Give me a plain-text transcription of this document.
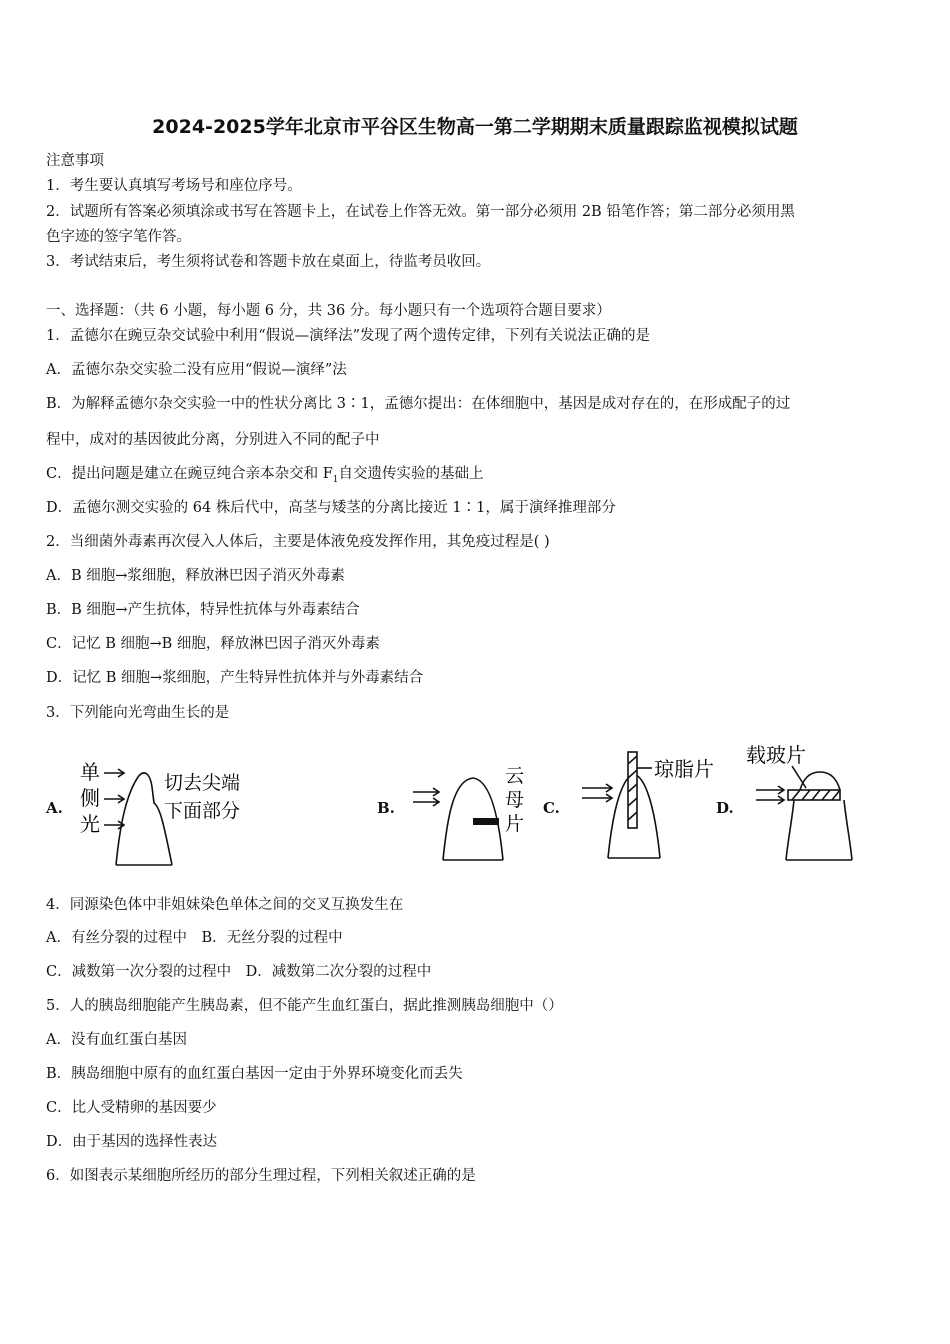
2024-2025学年北京市平谷区生物高一第二学期期末质量跟踪监视模拟试题
注意事项
1．考生要认真填写考场号和座位序号。
2．试题所有答案必须填涂或书写在答题卡上，在试卷上作答无效。第一部分必须用 2B 铅笔作答；第二部分必须用黑
色字迹的签字笔作答。
3．考试结束后，考生须将试卷和答题卡放在桌面上，待监考员收回。
一、选择题：（共 6 小题，每小题 6 分，共 36 分。每小题只有一个选项符合题目要求）
1．孟德尔在豌豆杂交试验中利用“假说—演绎法”发现了两个遗传定律，下列有关说法正确的是
A．孟德尔杂交实验二没有应用“假说—演绎”法
B．为解释孟德尔杂交实验一中的性状分离比 3∶1，孟德尔提出：在体细胞中，基因是成对存在的，在形成配子的过
程中，成对的基因彼此分离，分别进入不同的配子中
C．提出问题是建立在豌豆纯合亲本杂交和 $F_1$自交遗传实验的基础上
D．孟德尔测交实验的 64 株后代中，高茎与矮茎的分离比接近 1∶1，属于演绎推理部分
2．当细菌外毒素再次侵入人体后，主要是体液免疫发挥作用，其免疫过程是( )
A．B 细胞→浆细胞，释放淋巴因子消灭外毒素
B．B 细胞→产生抗体，特异性抗体与外毒素结合
C．记忆 B 细胞→B 细胞，释放淋巴因子消灭外毒素
D．记忆 B 细胞→浆细胞，产生特异性抗体并与外毒素结合
3．下列能向光弯曲生长的是
A.	B.	C.	D.
单
侧
光
切去尖端
下面部分
云
母
片
琼脂片
载玻片
4．同源染色体中非姐妹染色单体之间的交叉互换发生在
A．有丝分裂的过程中　B．无丝分裂的过程中
C．减数第一次分裂的过程中　D．减数第二次分裂的过程中
5．人的胰岛细胞能产生胰岛素，但不能产生血红蛋白，据此推测胰岛细胞中（）
A．没有血红蛋白基因
B．胰岛细胞中原有的血红蛋白基因一定由于外界环境变化而丢失
C．比人受精卵的基因要少
D．由于基因的选择性表达
6．如图表示某细胞所经历的部分生理过程，下列相关叙述正确的是
